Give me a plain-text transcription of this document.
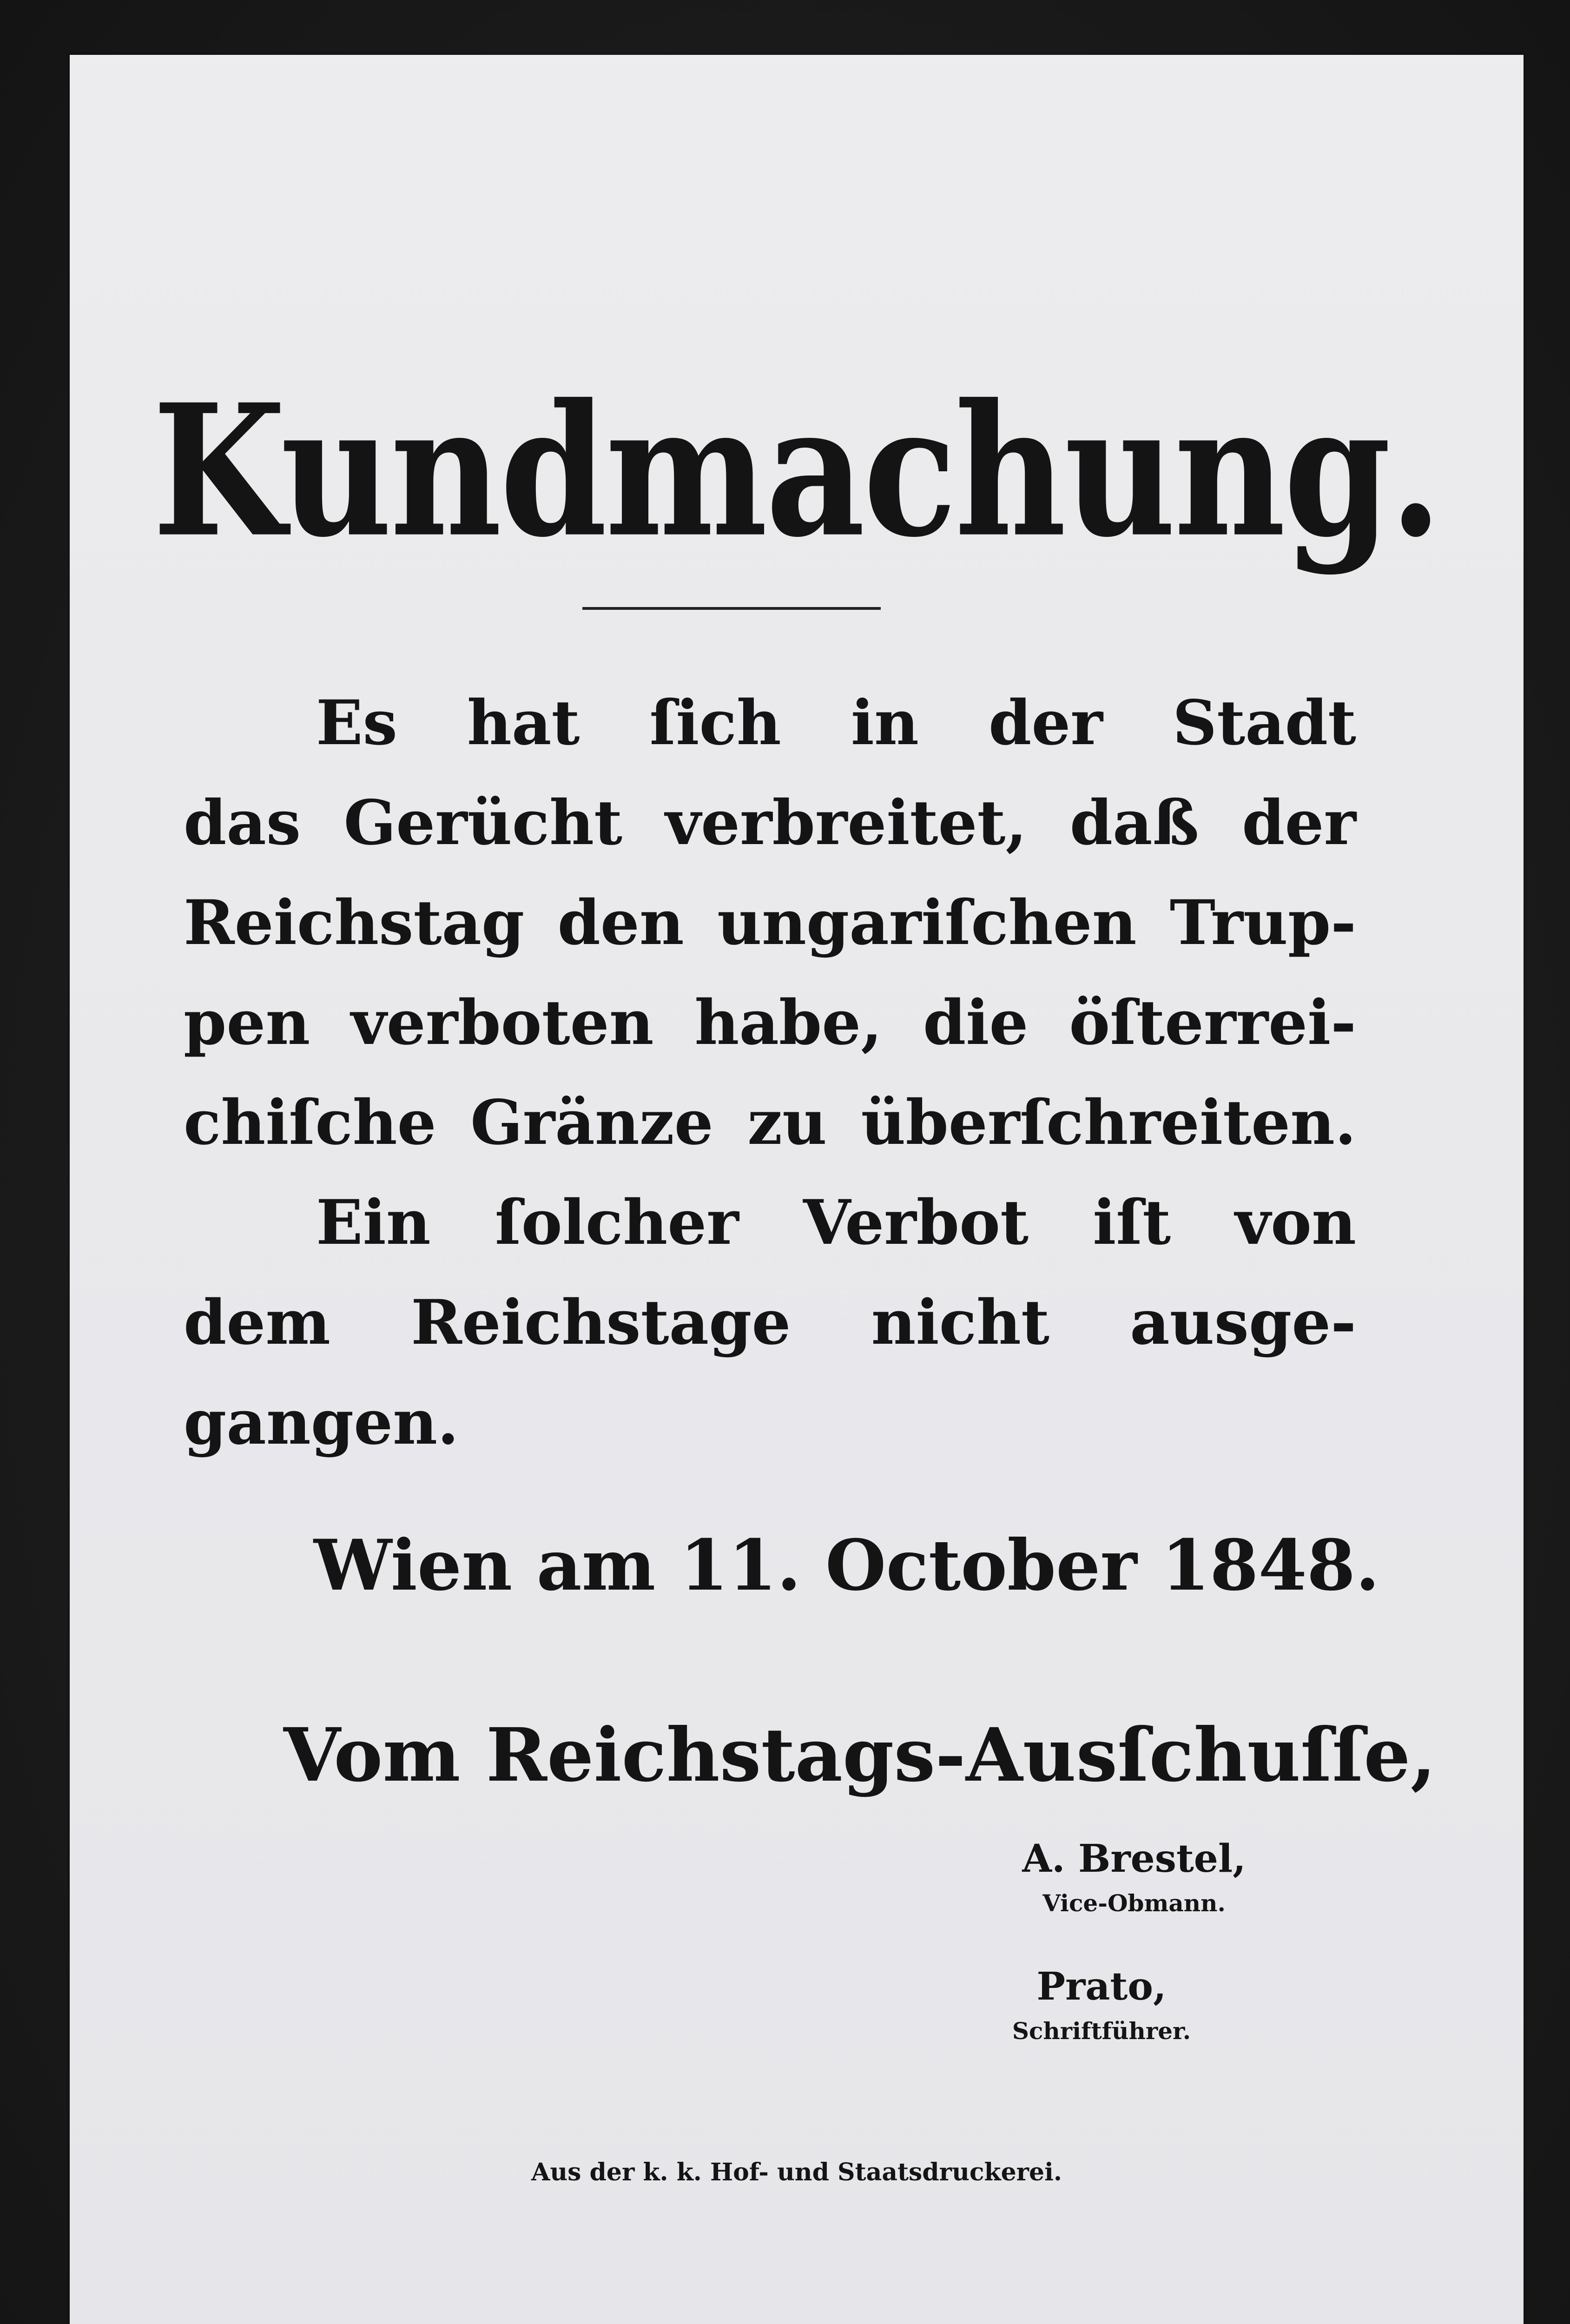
Kundmachung.
Es hat ſich in der Stadt
das Gerücht verbreitet, daß der
Reichstag den ungariſchen Trup-
pen verboten habe, die öſterrei-
chiſche Gränze zu überſchreiten.
Ein ſolcher Verbot iſt von
dem Reichstage nicht ausge-
gangen.
Wien am 11. October 1848.
Vom Reichstags-Ausſchuſſe,
A. Brestel,
Vice-Obmann.
Prato,
Schriftführer.
Aus der k. k. Hof- und Staatsdruckerei.
